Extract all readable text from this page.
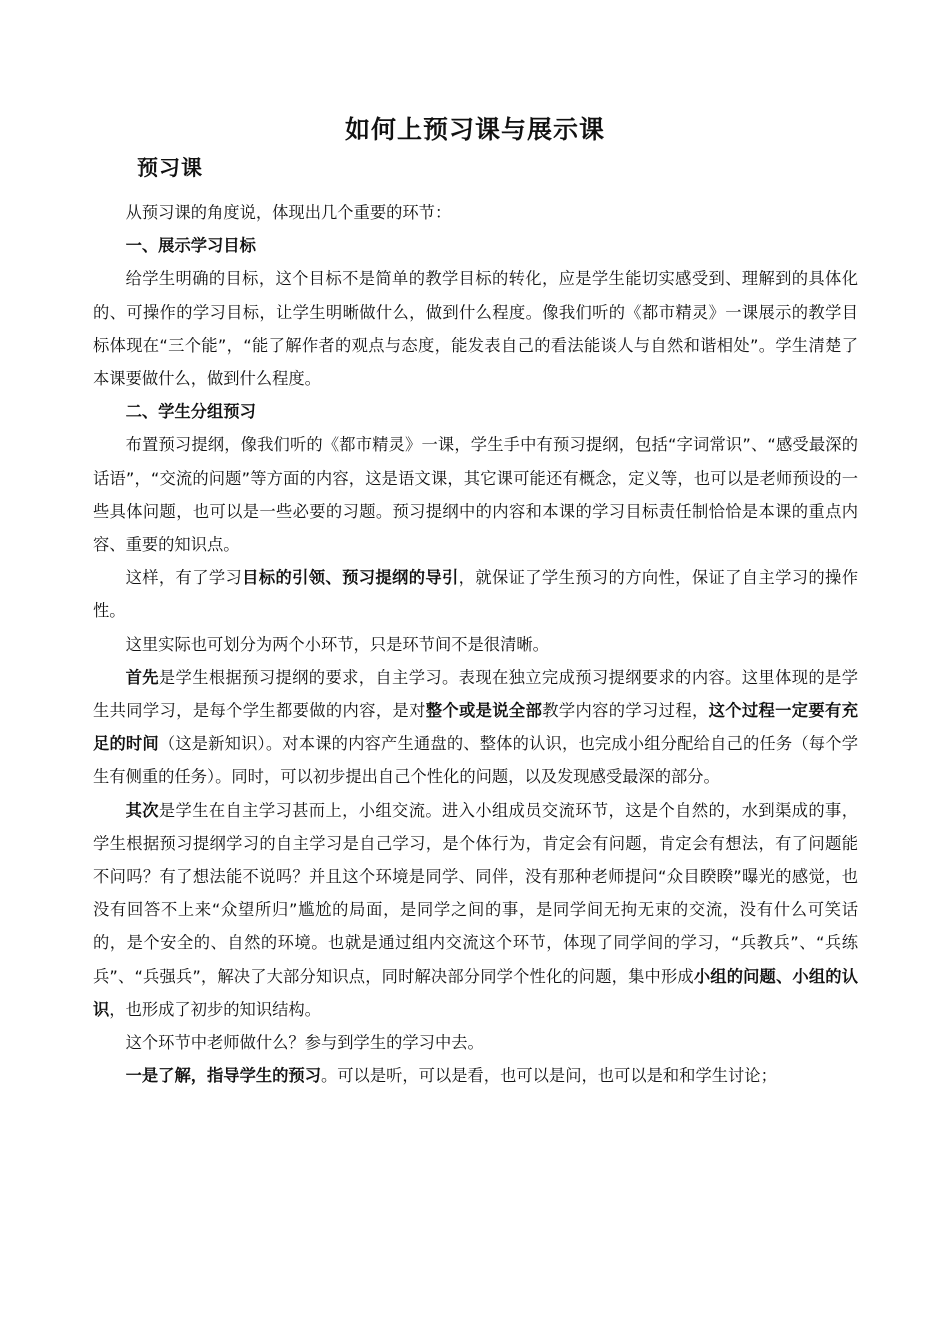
如何上预习课与展示课
预习课

从预习课的角度说，体现出几个重要的环节：

一、展示学习目标

给学生明确的目标，这个目标不是简单的教学目标的转化，应是学生能切实感受到、理解到的具体化的、可操作的学习目标，让学生明晰做什么，做到什么程度。像我们听的《都市精灵》一课展示的教学目标体现在“三个能”，“能了解作者的观点与态度，能发表自己的看法能谈人与自然和谐相处”。学生清楚了本课要做什么，做到什么程度。

二、学生分组预习

布置预习提纲，像我们听的《都市精灵》一课，学生手中有预习提纲，包括“字词常识”、“感受最深的话语”，“交流的问题”等方面的内容，这是语文课，其它课可能还有概念，定义等，也可以是老师预设的一些具体问题，也可以是一些必要的习题。预习提纲中的内容和本课的学习目标责任制恰恰是本课的重点内容、重要的知识点。

这样，有了学习目标的引领、预习提纲的导引，就保证了学生预习的方向性，保证了自主学习的操作性。

这里实际也可划分为两个小环节，只是环节间不是很清晰。

首先是学生根据预习提纲的要求，自主学习。表现在独立完成预习提纲要求的内容。这里体现的是学生共同学习，是每个学生都要做的内容，是对整个或是说全部教学内容的学习过程，这个过程一定要有充足的时间（这是新知识）。对本课的内容产生通盘的、整体的认识，也完成小组分配给自己的任务（每个学生有侧重的任务）。同时，可以初步提出自己个性化的问题，以及发现感受最深的部分。

其次是学生在自主学习甚而上，小组交流。进入小组成员交流环节，这是个自然的，水到渠成的事，学生根据预习提纲学习的自主学习是自己学习，是个体行为，肯定会有问题，肯定会有想法，有了问题能不问吗？有了想法能不说吗？并且这个环境是同学、同伴，没有那种老师提问“众目睽睽”曝光的感觉，也没有回答不上来“众望所归”尴尬的局面，是同学之间的事，是同学间无拘无束的交流，没有什么可笑话的，是个安全的、自然的环境。也就是通过组内交流这个环节，体现了同学间的学习，“兵教兵”、“兵练兵”、“兵强兵”，解决了大部分知识点，同时解决部分同学个性化的问题，集中形成小组的问题、小组的认识，也形成了初步的知识结构。

这个环节中老师做什么？参与到学生的学习中去。

一是了解，指导学生的预习。可以是听，可以是看，也可以是问，也可以是和和学生讨论；
